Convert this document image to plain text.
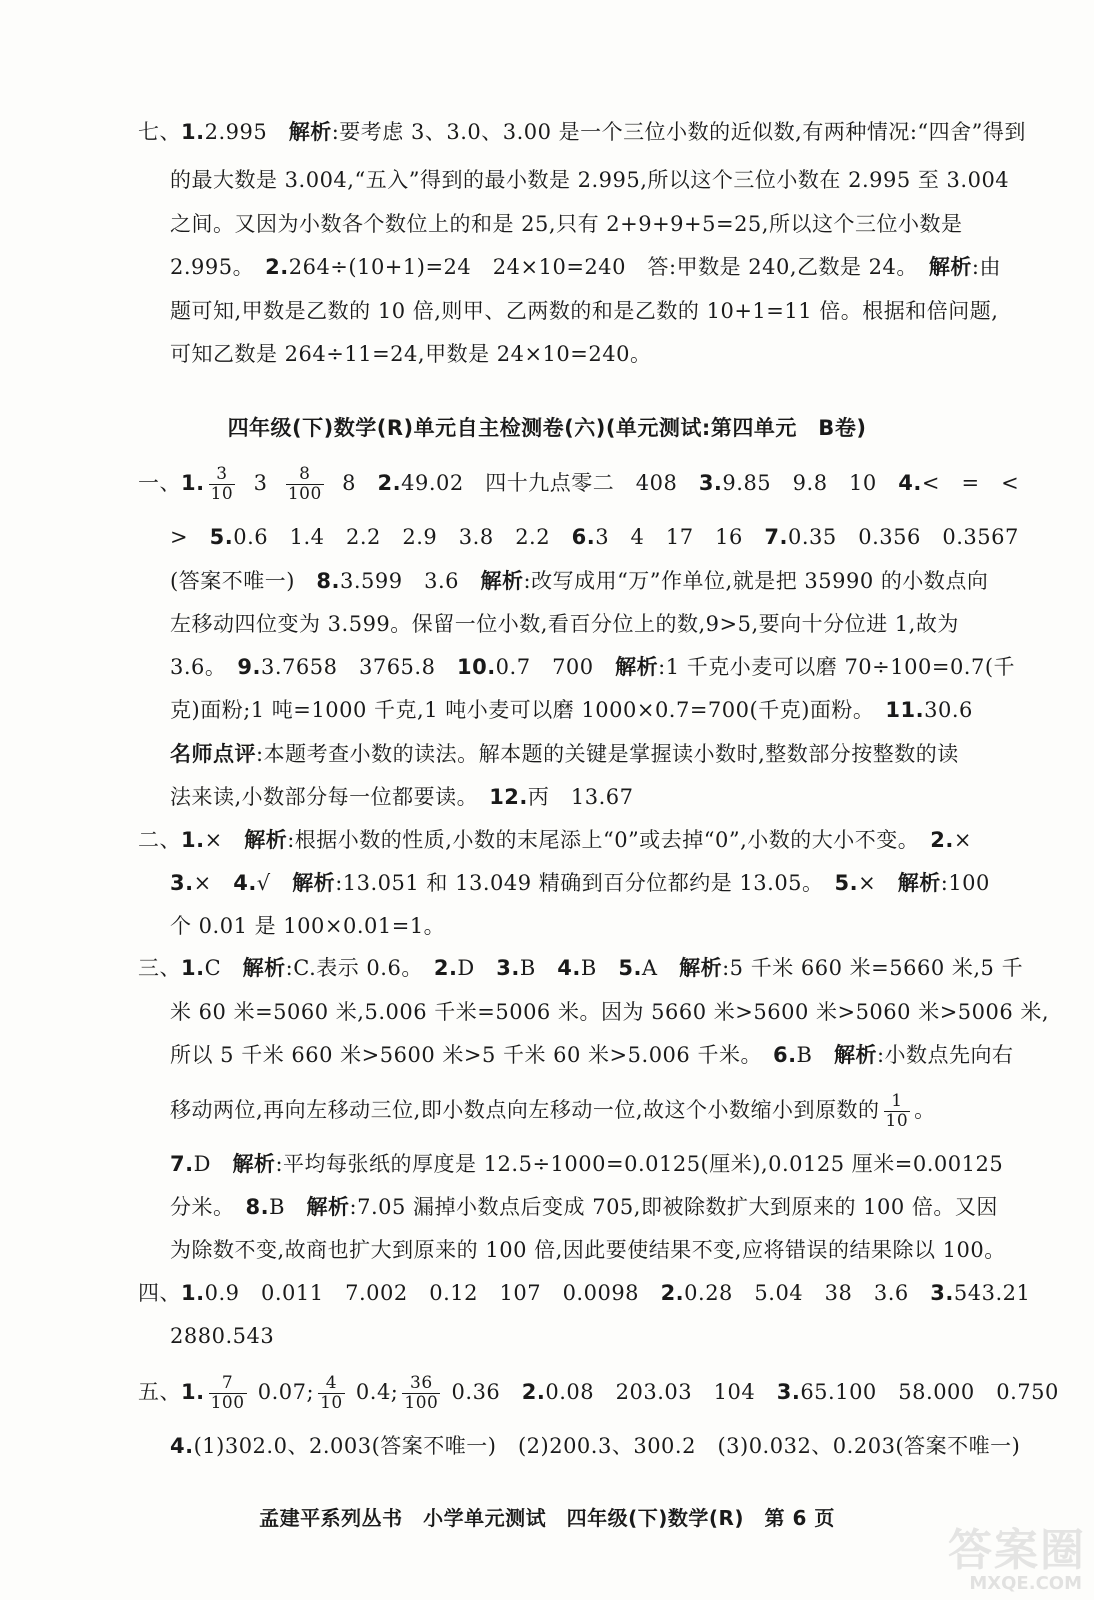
七、1.2.995　解析:要考虑 3、3.0、3.00 是一个三位小数的近似数,有两种情况:“四舍”得到
的最大数是 3.004,“五入”得到的最小数是 2.995,所以这个三位小数在 2.995 至 3.004
之间。又因为小数各个数位上的和是 25,只有 2+9+9+5=25,所以这个三位小数是
2.995。　2.264÷(10+1)=24　24×10=240　答:甲数是 240,乙数是 24。　解析:由
题可知,甲数是乙数的 10 倍,则甲、乙两数的和是乙数的 10+1=11 倍。根据和倍问题,
可知乙数是 264÷11=24,甲数是 24×10=240。
四年级(下)数学(R)单元自主检测卷(六)(单元测试:第四单元　B卷)
一、1. $\frac{3}{10} 3 \frac{8}{100} 8$　2.49.02　四十九点零二　408　3.9.85　9.8　10　4.<　=　<
>　5.0.6　1.4　2.2　2.9　3.8　2.2　6.3　4　17　16　7.0.35　0.356　0.3567
(答案不唯一)　8.3.599　3.6　解析:改写成用“万”作单位,就是把 35990 的小数点向
左移动四位变为 3.599。保留一位小数,看百分位上的数,9>5,要向十分位进 1,故为
3.6。　9.3.7658　3765.8　10.0.7　700　解析:1 千克小麦可以磨 70÷100=0.7(千
克)面粉;1 吨=1000 千克,1 吨小麦可以磨 1000×0.7=700(千克)面粉。　11.30.6
名师点评:本题考查小数的读法。解本题的关键是掌握读小数时,整数部分按整数的读
法来读,小数部分每一位都要读。　12.丙　13.67
二、1.×　解析:根据小数的性质,小数的末尾添上“0”或去掉“0”,小数的大小不变。　2.×
3.×　4.√　解析:13.051 和 13.049 精确到百分位都约是 13.05。　5.×　解析:100
个 0.01 是 100×0.01=1。
三、1.C　解析:C.表示 0.6。　2.D　3.B　4.B　5.A　解析:5 千米 660 米=5660 米,5 千
米 60 米=5060 米,5.006 千米=5006 米。因为 5660 米>5600 米>5060 米>5006 米,
所以 5 千米 660 米>5600 米>5 千米 60 米>5.006 千米。　6.B　解析:小数点先向右
移动两位,再向左移动三位,即小数点向左移动一位,故这个小数缩小到原数的 $\frac{1}{10}$ 。
7.D　解析:平均每张纸的厚度是 12.5÷1000=0.0125(厘米),0.0125 厘米=0.00125
分米。　8.B　解析:7.05 漏掉小数点后变成 705,即被除数扩大到原来的 100 倍。又因
为除数不变,故商也扩大到原来的 100 倍,因此要使结果不变,应将错误的结果除以 100。
四、1.0.9　0.011　7.002　0.12　107　0.0098　2.0.28　5.04　38　3.6　3.543.21
2880.543
五、1. $\frac{7}{100} 0.07$; $\frac{4}{10} 0.4$; $\frac{36}{100} 0.36$　2.0.08　203.03　104　3.65.100　58.000　0.750
4.(1)302.0、2.003(答案不唯一)　(2)200.3、300.2　(3)0.032、0.203(答案不唯一)
孟建平系列丛书　小学单元测试　四年级(下)数学(R)　第 6 页
答案圈
MXQE.COM
